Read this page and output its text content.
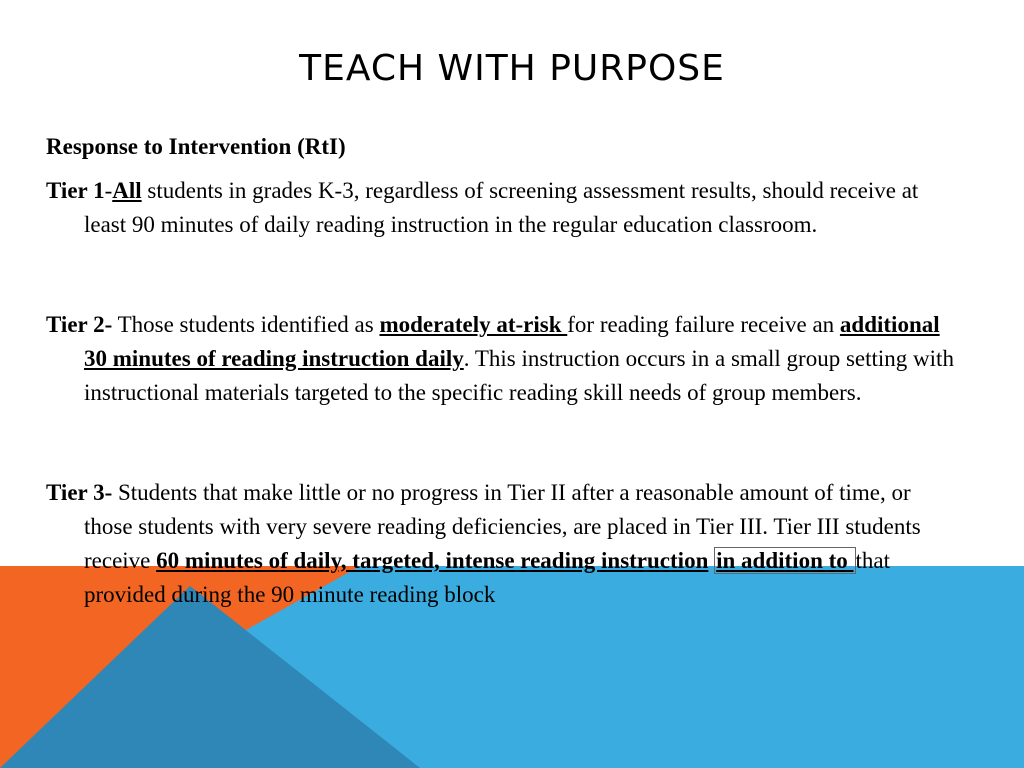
TEACH WITH PURPOSE

Response to Intervention (RtI)

Tier 1-All students in grades K-3, regardless of screening assessment results, should receive at least 90 minutes of daily reading instruction in the regular education classroom.

Tier 2- Those students identified as moderately at-risk for reading failure receive an additional 30 minutes of reading instruction daily. This instruction occurs in a small group setting with instructional materials targeted to the specific reading skill needs of group members.

Tier 3- Students that make little or no progress in Tier II after a reasonable amount of time, or those students with very severe reading deficiencies, are placed in Tier III. Tier III students receive 60 minutes of daily, targeted, intense reading instruction in addition to that provided during the 90 minute reading block
